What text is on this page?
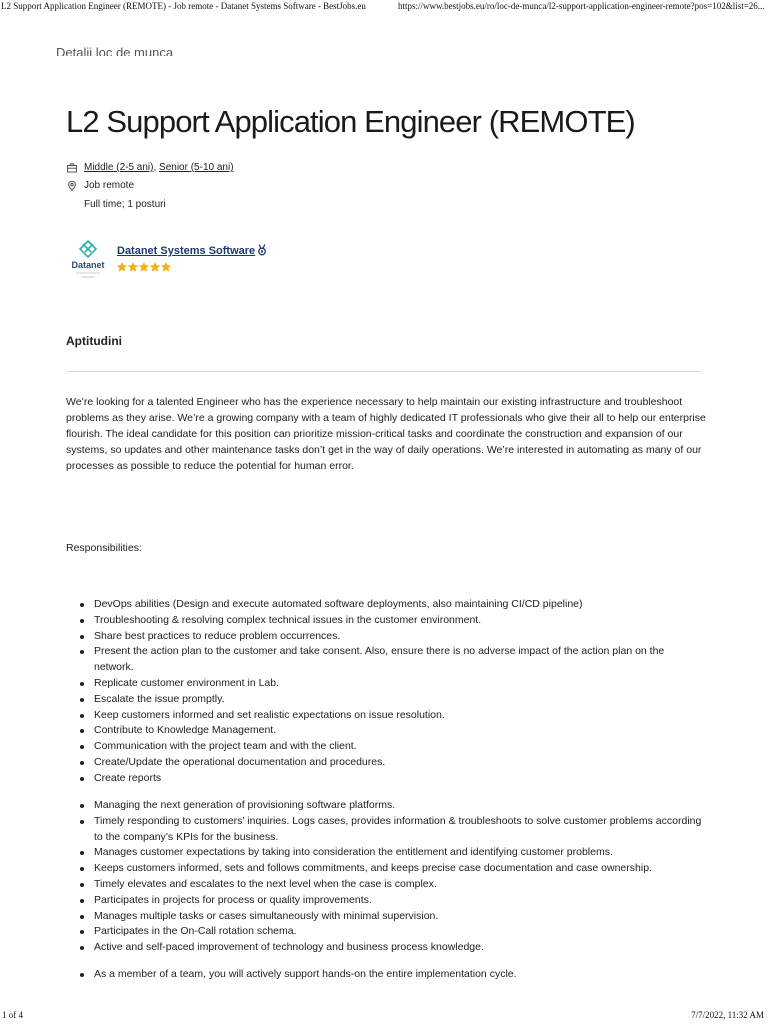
L2 Support Application Engineer (REMOTE) - Job remote - Datanet Systems Software - BestJobs.eu	https://www.bestjobs.eu/ro/loc-de-munca/l2-support-application-engineer-remote?pos=102&list=26...
Detalii loc de munca
L2 Support Application Engineer (REMOTE)
Middle (2-5 ani) , Senior (5-10 ani)
Job remote
Full time; 1 posturi
Datanet
Datanet Systems Software
Aptitudini

We’re looking for a talented Engineer who has the experience necessary to help maintain our existing infrastructure and troubleshoot problems as they arise. We’re a growing company with a team of highly dedicated IT professionals who give their all to help our enterprise flourish. The ideal candidate for this position can prioritize mission-critical tasks and coordinate the construction and expansion of our systems, so updates and other maintenance tasks don’t get in the way of daily operations. We’re interested in automating as many of our processes as possible to reduce the potential for human error.

Responsibilities:

DevOps abilities (Design and execute automated software deployments, also maintaining CI/CD pipeline)
Troubleshooting & resolving complex technical issues in the customer environment.
Share best practices to reduce problem occurrences.
Present the action plan to the customer and take consent. Also, ensure there is no adverse impact of the action plan on the network.
Replicate customer environment in Lab.
Escalate the issue promptly.
Keep customers informed and set realistic expectations on issue resolution.
Contribute to Knowledge Management.
Communication with the project team and with the client.
Create/Update the operational documentation and procedures.
Create reports
Managing the next generation of provisioning software platforms.
Timely responding to customers’ inquiries. Logs cases, provides information & troubleshoots to solve customer problems according to the company’s KPIs for the business.
Manages customer expectations by taking into consideration the entitlement and identifying customer problems.
Keeps customers informed, sets and follows commitments, and keeps precise case documentation and case ownership.
Timely elevates and escalates to the next level when the case is complex.
Participates in projects for process or quality improvements.
Manages multiple tasks or cases simultaneously with minimal supervision.
Participates in the On-Call rotation schema.
Active and self-paced improvement of technology and business process knowledge.
As a member of a team, you will actively support hands-on the entire implementation cycle.
1 of 4	7/7/2022, 11:32 AM
